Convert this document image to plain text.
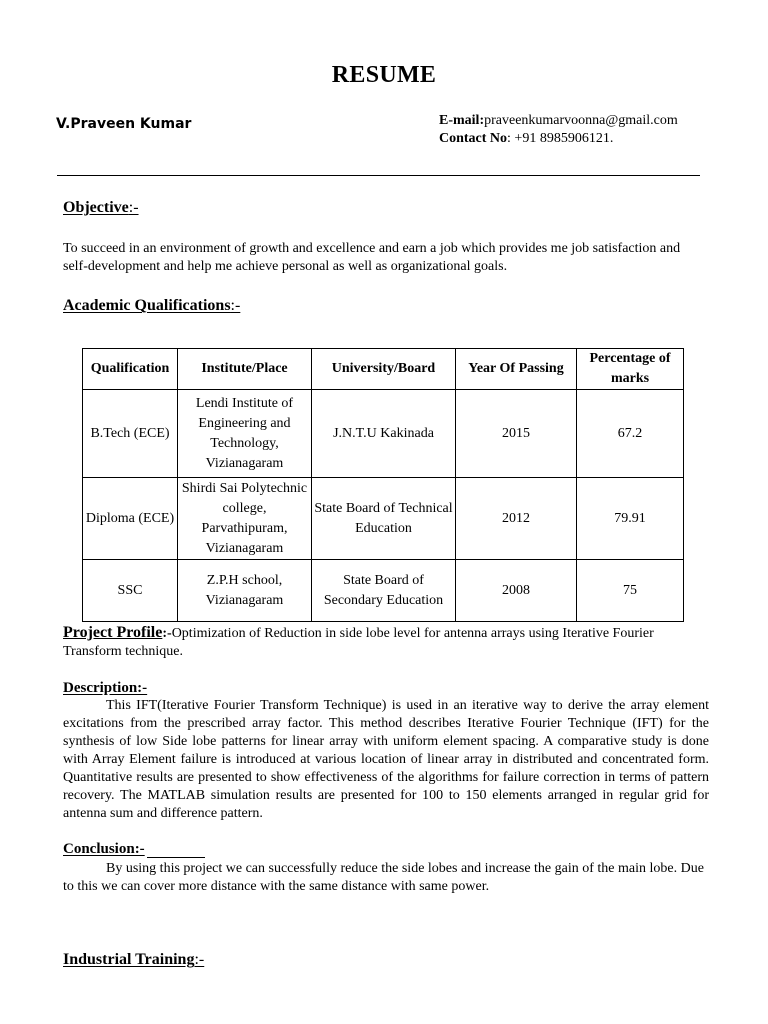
RESUME
V.Praveen Kumar	E-mail:praveenkumarvoonna@gmail.com
Contact No: +91 8985906121.
Objective:-
To succeed in an environment of growth and excellence and earn a job which provides me job satisfaction and self-development and help me achieve personal as well as organizational goals.
Academic Qualifications:-
Qualification	Institute/Place	University/Board	Year Of Passing	Percentage of marks
B.Tech (ECE)	Lendi Institute of Engineering and Technology, Vizianagaram	J.N.T.U Kakinada	2015	67.2
Diploma (ECE)	Shirdi Sai Polytechnic college, Parvathipuram, Vizianagaram	State Board of Technical Education	2012	79.91
SSC	Z.P.H school, Vizianagaram	State Board of Secondary Education	2008	75
Project Profile:-Optimization of Reduction in side lobe level for antenna arrays using Iterative Fourier Transform technique.
Description:-
This IFT(Iterative Fourier Transform Technique) is used in an iterative way to derive the array element excitations from the prescribed array factor. This method describes Iterative Fourier Technique (IFT) for the synthesis of low Side lobe patterns for linear array with uniform element spacing. A comparative study is done with Array Element failure is introduced at various location of linear array in distributed and concentrated form. Quantitative results are presented to show effectiveness of the algorithms for failure correction in terms of pattern recovery. The MATLAB simulation results are presented for 100 to 150 elements arranged in regular grid for antenna sum and difference pattern.
Conclusion:-
By using this project we can successfully reduce the side lobes and increase the gain of the main lobe. Due to this we can cover more distance with the same distance with same power.
Industrial Training:-
